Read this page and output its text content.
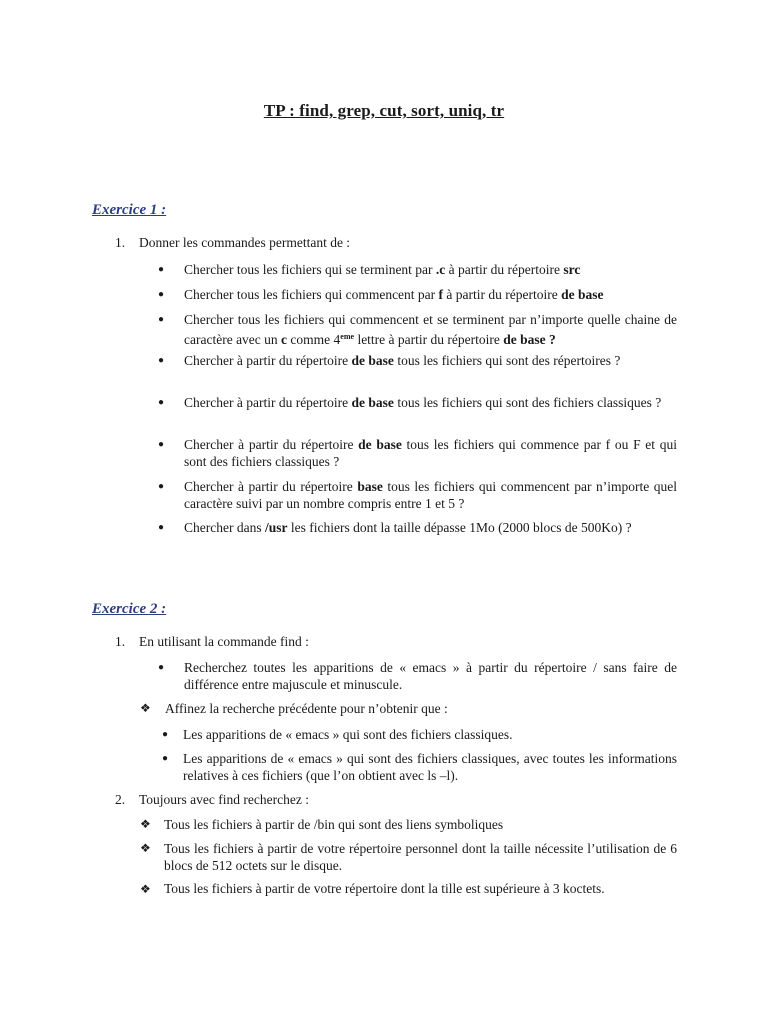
TP : find, grep, cut, sort, uniq, tr
Exercice 1 :
1. Donner les commandes permettant de :
● Chercher tous les fichiers qui se terminent par .c à partir du répertoire src
● Chercher tous les fichiers qui commencent par f à partir du répertoire de base
● Chercher tous les fichiers qui commencent et se terminent par n’importe quelle chaine de caractère avec un c comme 4eme lettre à partir du répertoire de base ?
● Chercher à partir du répertoire de base tous les fichiers qui sont des répertoires ?
● Chercher à partir du répertoire de base tous les fichiers qui sont des fichiers classiques ?
● Chercher à partir du répertoire de base tous les fichiers qui commence par f ou F et qui sont des fichiers classiques ?
● Chercher à partir du répertoire base tous les fichiers qui commencent par n’importe quel caractère suivi par un nombre compris entre 1 et 5 ?
● Chercher dans /usr les fichiers dont la taille dépasse 1Mo (2000 blocs de 500Ko) ?
Exercice 2 :
1. En utilisant la commande find :
● Recherchez toutes les apparitions de « emacs » à partir du répertoire / sans faire de différence entre majuscule et minuscule.
❖ Affinez la recherche précédente pour n’obtenir que :
● Les apparitions de « emacs » qui sont des fichiers classiques.
● Les apparitions de « emacs » qui sont des fichiers classiques, avec toutes les informations relatives à ces fichiers (que l’on obtient avec ls –l).
2. Toujours avec find recherchez :
❖ Tous les fichiers à partir de /bin qui sont des liens symboliques
❖ Tous les fichiers à partir de votre répertoire personnel dont la taille nécessite l’utilisation de 6 blocs de 512 octets sur le disque.
❖ Tous les fichiers à partir de votre répertoire dont la tille est supérieure à 3 koctets.
